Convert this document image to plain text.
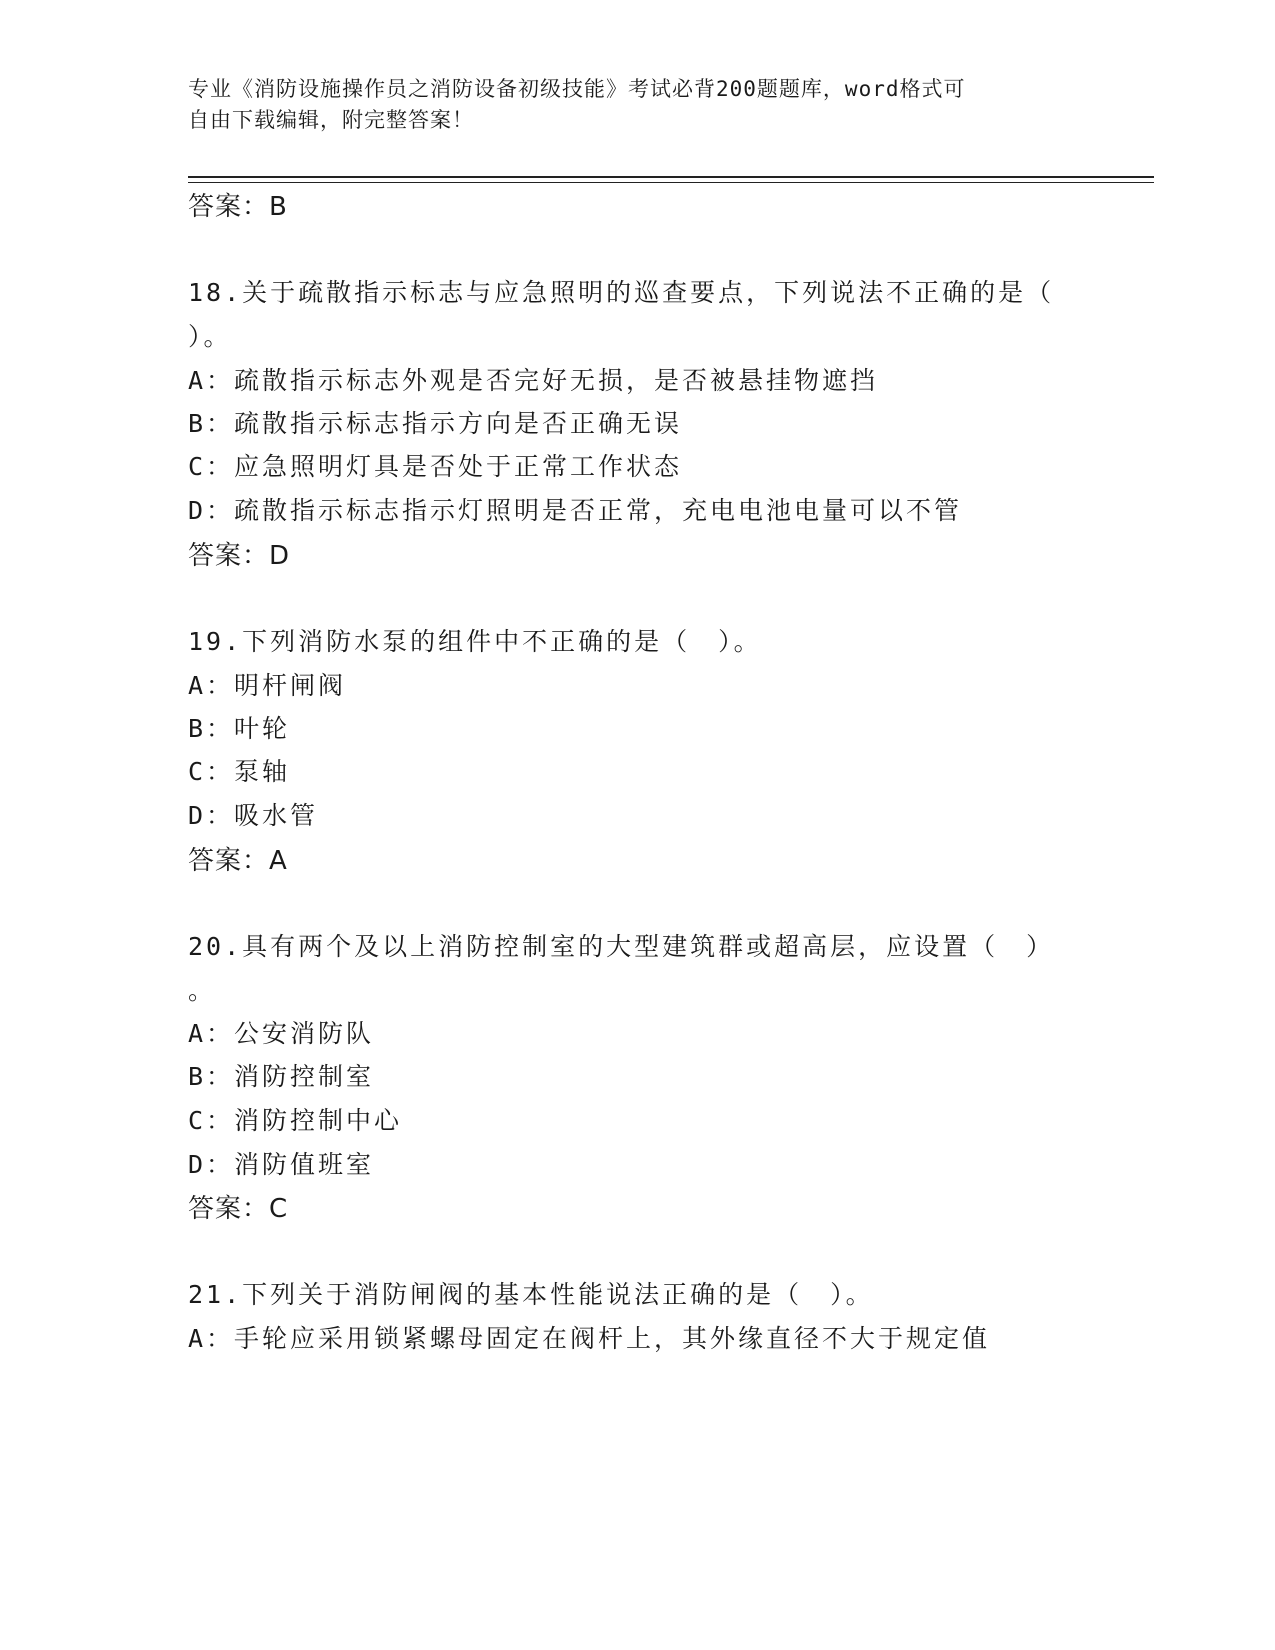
专业《消防设施操作员之消防设备初级技能》考试必背200题题库，word格式可
自由下载编辑，附完整答案！
答案：B
18.关于疏散指示标志与应急照明的巡查要点，下列说法不正确的是（
）。
A：疏散指示标志外观是否完好无损，是否被悬挂物遮挡
B：疏散指示标志指示方向是否正确无误
C：应急照明灯具是否处于正常工作状态
D：疏散指示标志指示灯照明是否正常，充电电池电量可以不管
答案：D
19.下列消防水泵的组件中不正确的是（　）。
A：明杆闸阀
B：叶轮
C：泵轴
D：吸水管
答案：A
20.具有两个及以上消防控制室的大型建筑群或超高层，应设置（　）
。
A：公安消防队
B：消防控制室
C：消防控制中心
D：消防值班室
答案：C
21.下列关于消防闸阀的基本性能说法正确的是（　）。
A：手轮应采用锁紧螺母固定在阀杆上，其外缘直径不大于规定值
